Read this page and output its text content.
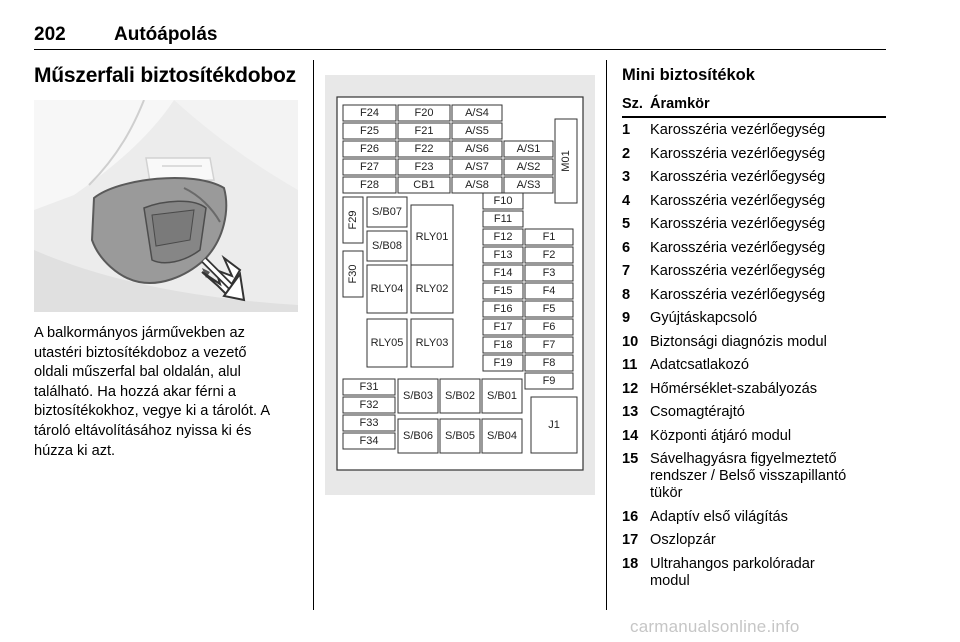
202	Autóápolás
Műszerfali biztosítékdoboz
A balkormányos járművekben az
utastéri biztosítékdoboz a vezető
oldali műszerfal bal oldalán, alul
található. Ha hozzá akar férni a
biztosítékokhoz, vegye ki a tárolót. A
tároló eltávolításához nyissa ki és
húzza ki azt.
F24	F20	A/S4
F25	F21	A/S5
F26	F22	A/S6	A/S1
F27	F23	A/S7	A/S2
F28	CB1	A/S8	A/S3
M01
F29 S/B07
S/B08
RLY01
F10
F11
F12	F1
F13	F2
F30
RLY04 RLY02
F14	F3
F15	F4
F16	F5
RLY05 RLY03
F17	F6
F18	F7
F19	F8
F9
F31
F32
F33
F34
S/B03 S/B02 S/B01
S/B06 S/B05 S/B04
J1
Mini biztosítékok
Sz. Áramkör
1	Karosszéria vezérlőegység
2	Karosszéria vezérlőegység
3	Karosszéria vezérlőegység
4	Karosszéria vezérlőegység
5	Karosszéria vezérlőegység
6	Karosszéria vezérlőegység
7	Karosszéria vezérlőegység
8	Karosszéria vezérlőegység
9	Gyújtáskapcsoló
10 Biztonsági diagnózis modul
11 Adatcsatlakozó
12 Hőmérséklet-szabályozás
13 Csomagtérajtó
14 Központi átjáró modul
15 Sávelhagyásra figyelmeztető
rendszer / Belső visszapillantó
tükör
16 Adaptív első világítás
17 Oszlopzár
18 Ultrahangos parkolóradar
modul
carmanualsonline.info
